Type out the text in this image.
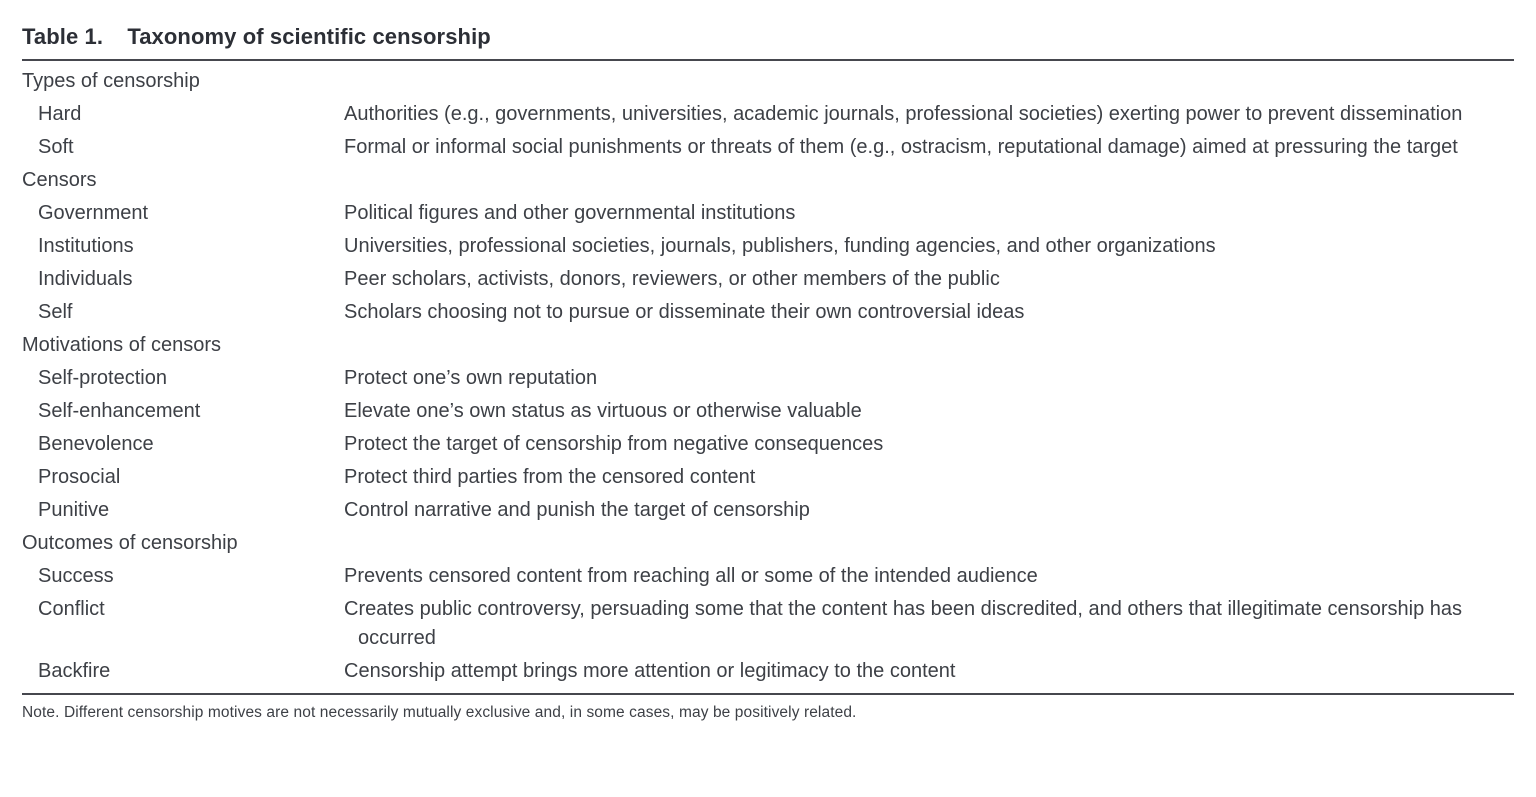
Table 1. Taxonomy of scientific censorship
Types of censorship
Hard	Authorities (e.g., governments, universities, academic journals, professional societies) exerting power to prevent dissemination
Soft	Formal or informal social punishments or threats of them (e.g., ostracism, reputational damage) aimed at pressuring the target
Censors
Government	Political figures and other governmental institutions
Institutions	Universities, professional societies, journals, publishers, funding agencies, and other organizations
Individuals	Peer scholars, activists, donors, reviewers, or other members of the public
Self	Scholars choosing not to pursue or disseminate their own controversial ideas
Motivations of censors
Self-protection	Protect one’s own reputation
Self-enhancement	Elevate one’s own status as virtuous or otherwise valuable
Benevolence	Protect the target of censorship from negative consequences
Prosocial	Protect third parties from the censored content
Punitive	Control narrative and punish the target of censorship
Outcomes of censorship
Success	Prevents censored content from reaching all or some of the intended audience
Conflict	Creates public controversy, persuading some that the content has been discredited, and others that illegitimate censorship has occurred
Backfire	Censorship attempt brings more attention or legitimacy to the content
Note. Different censorship motives are not necessarily mutually exclusive and, in some cases, may be positively related.
